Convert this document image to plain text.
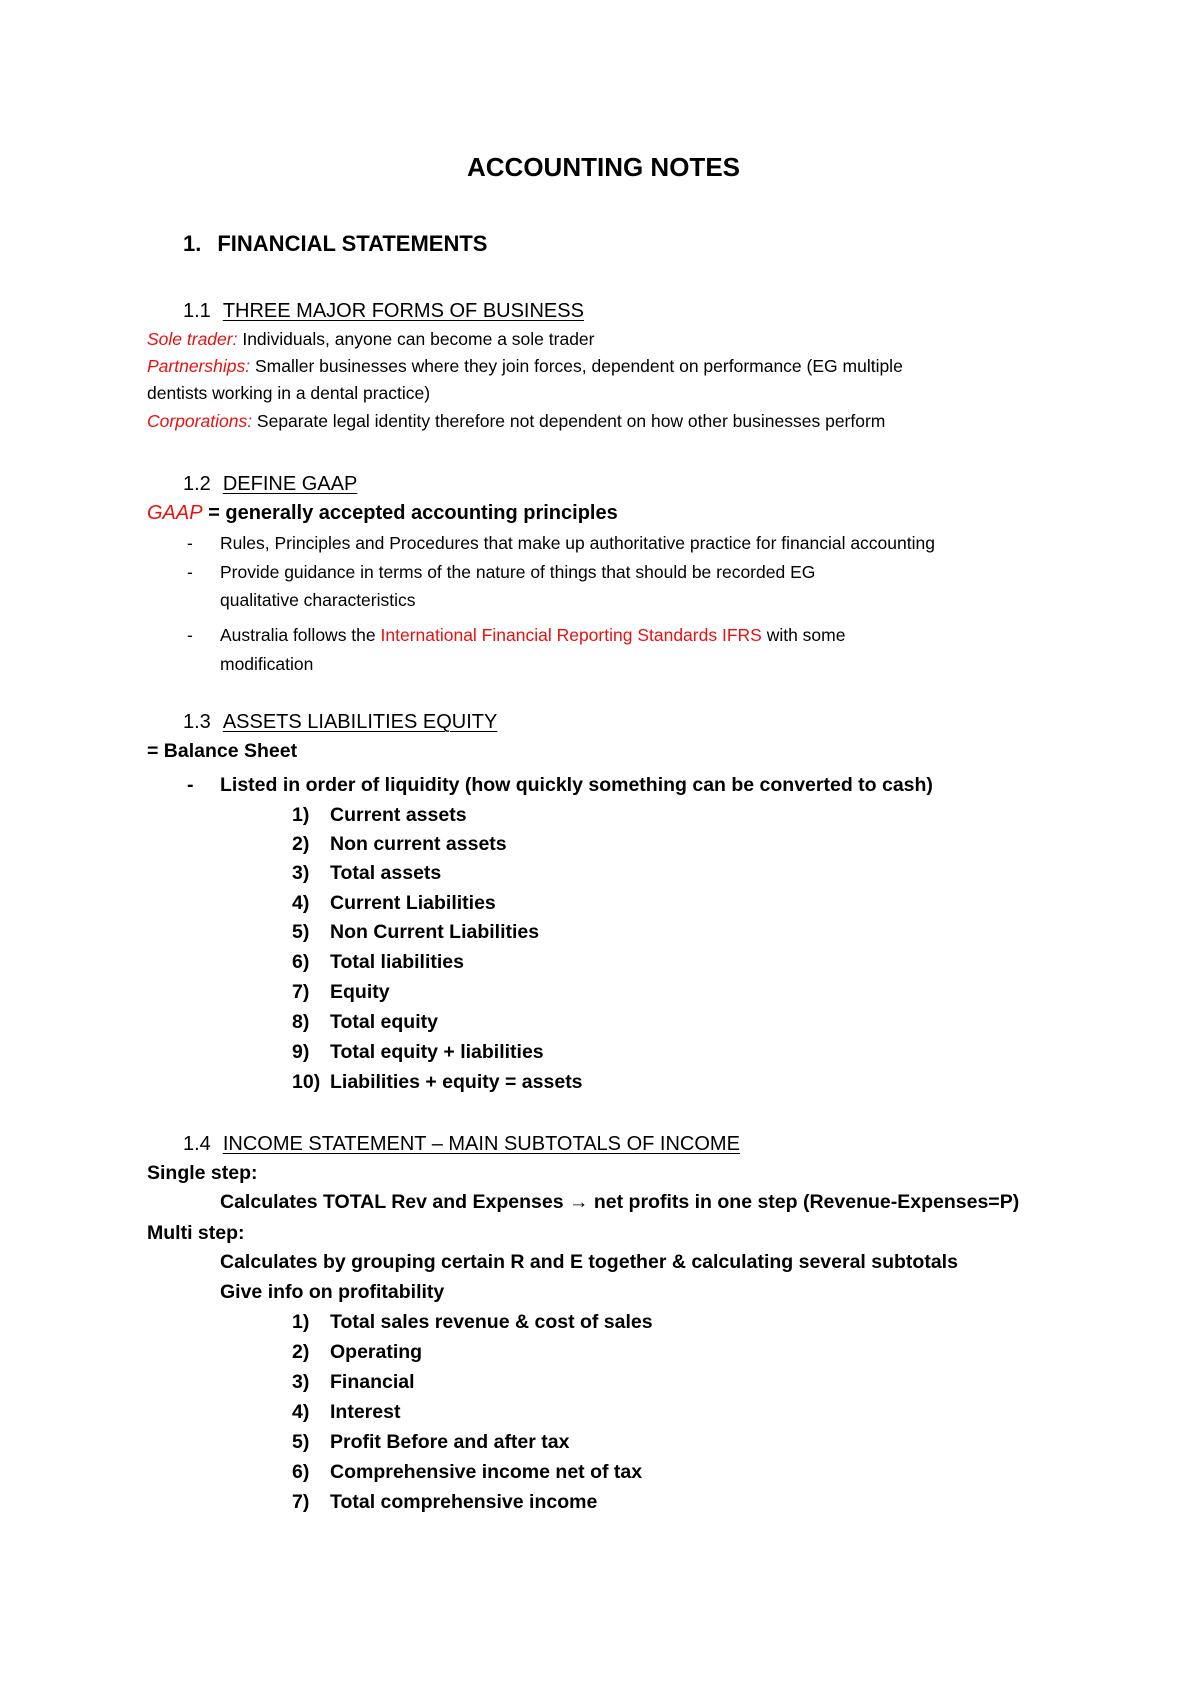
ACCOUNTING NOTES
1. FINANCIAL STATEMENTS
1.1 THREE MAJOR FORMS OF BUSINESS
Sole trader: Individuals, anyone can become a sole trader
Partnerships: Smaller businesses where they join forces, dependent on performance (EG multiple
dentists working in a dental practice)
Corporations: Separate legal identity therefore not dependent on how other businesses perform
1.2 DEFINE GAAP
GAAP = generally accepted accounting principles
- Rules, Principles and Procedures that make up authoritative practice for financial accounting
- Provide guidance in terms of the nature of things that should be recorded EG
qualitative characteristics
- Australia follows the International Financial Reporting Standards IFRS with some
modification
1.3 ASSETS LIABILITIES EQUITY
= Balance Sheet
- Listed in order of liquidity (how quickly something can be converted to cash)
1) Current assets
2) Non current assets
3) Total assets
4) Current Liabilities
5) Non Current Liabilities
6) Total liabilities
7) Equity
8) Total equity
9) Total equity + liabilities
10) Liabilities + equity = assets
1.4 INCOME STATEMENT – MAIN SUBTOTALS OF INCOME
Single step:
Calculates TOTAL Rev and Expenses → net profits in one step (Revenue-Expenses=P)
Multi step:
Calculates by grouping certain R and E together & calculating several subtotals
Give info on profitability
1) Total sales revenue & cost of sales
2) Operating
3) Financial
4) Interest
5) Profit Before and after tax
6) Comprehensive income net of tax
7) Total comprehensive income
